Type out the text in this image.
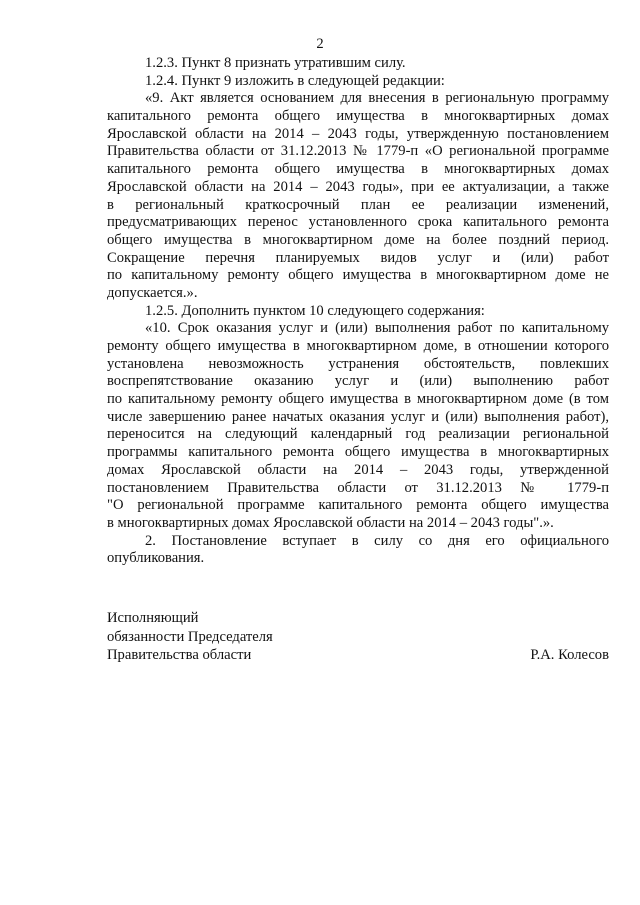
2
1.2.3. Пункт 8 признать утратившим силу.
1.2.4. Пункт 9 изложить в следующей редакции:
«9. Акт является основанием для внесения в региональную программу
капитального ремонта общего имущества в многоквартирных домах
Ярославской области на 2014 – 2043 годы, утвержденную постановлением
Правительства области от 31.12.2013 № 1779-п «О региональной программе
капитального ремонта общего имущества в многоквартирных домах
Ярославской области на 2014 – 2043 годы», при ее актуализации, а также
в региональный краткосрочный план ее реализации изменений,
предусматривающих перенос установленного срока капитального ремонта
общего имущества в многоквартирном доме на более поздний период.
Сокращение перечня планируемых видов услуг и (или) работ
по капитальному ремонту общего имущества в многоквартирном доме не
допускается.».
1.2.5. Дополнить пунктом 10 следующего содержания:
«10. Срок оказания услуг и (или) выполнения работ по капитальному
ремонту общего имущества в многоквартирном доме, в отношении которого
установлена невозможность устранения обстоятельств, повлекших
воспрепятствование оказанию услуг и (или) выполнению работ
по капитальному ремонту общего имущества в многоквартирном доме (в том
числе завершению ранее начатых оказания услуг и (или) выполнения работ),
переносится на следующий календарный год реализации региональной
программы капитального ремонта общего имущества в многоквартирных
домах Ярославской области на 2014 – 2043 годы, утвержденной
постановлением Правительства области от 31.12.2013 № 1779-п
"О региональной программе капитального ремонта общего имущества
в многоквартирных домах Ярославской области на 2014 – 2043 годы".».
2. Постановление вступает в силу со дня его официального
опубликования.
Исполняющий
обязанности Председателя
Правительства области	Р.А. Колесов
